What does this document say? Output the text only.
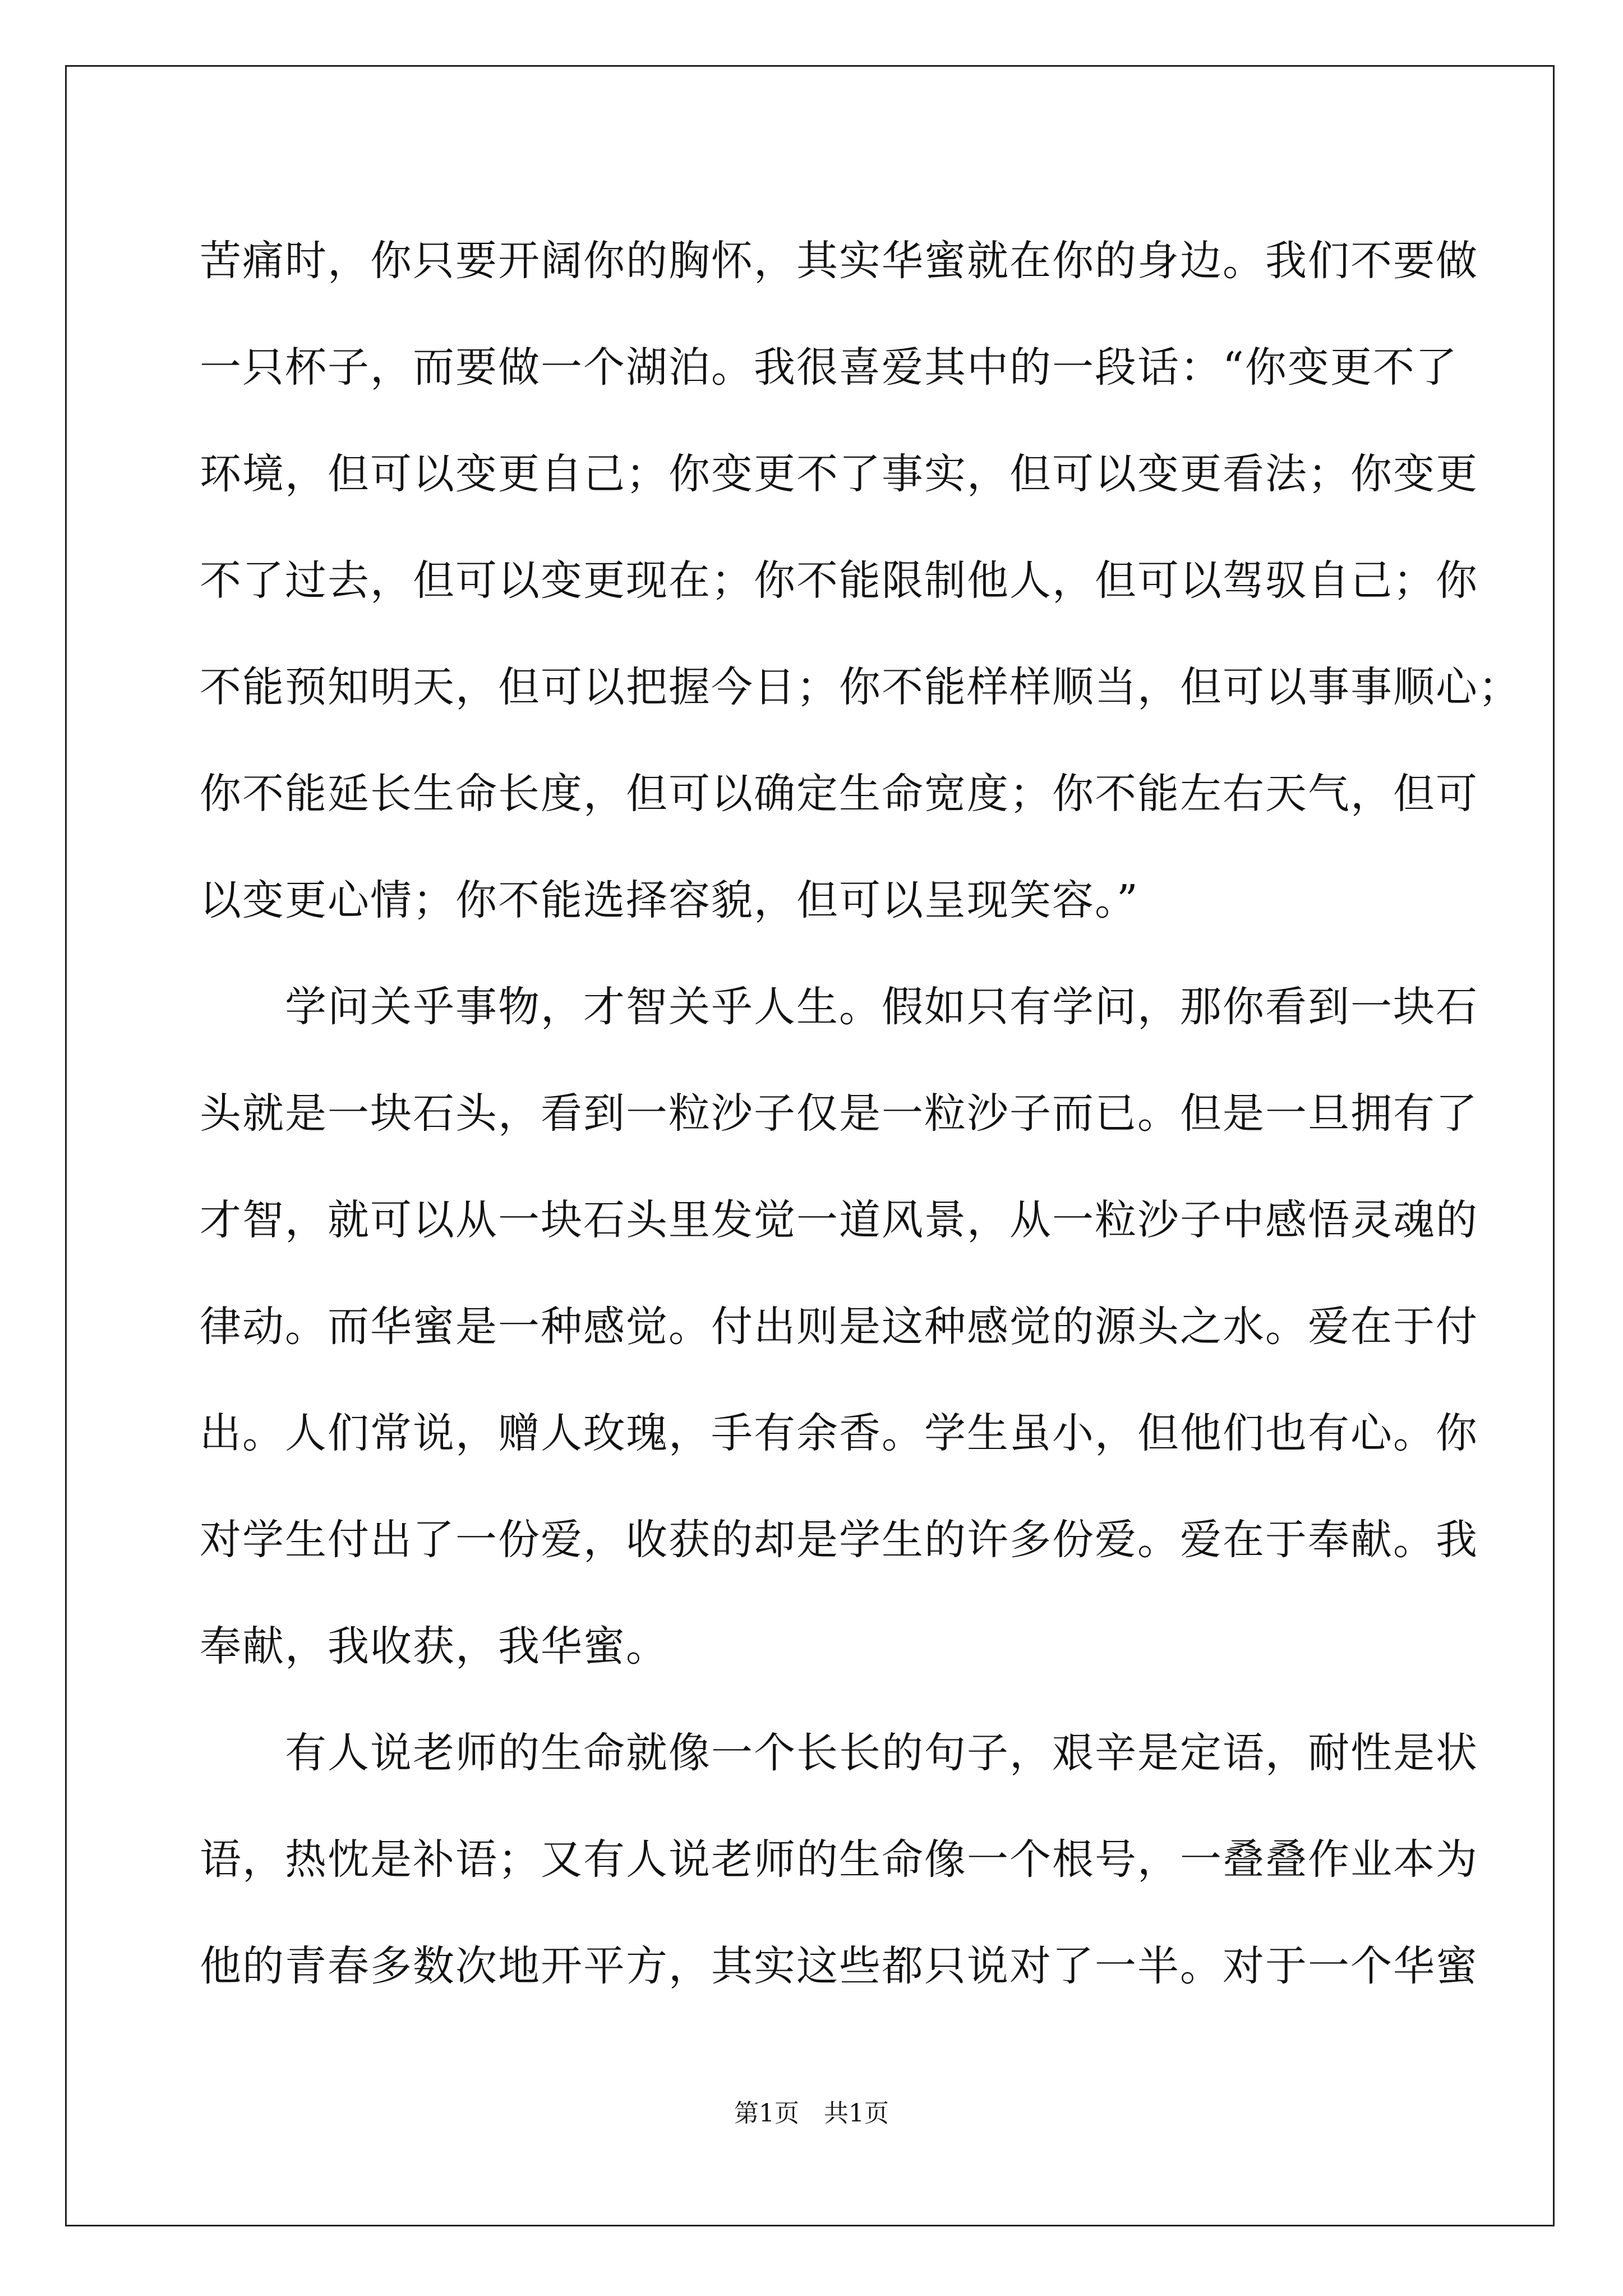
苦痛时，你只要开阔你的胸怀，其实华蜜就在你的身边。我们不要做
一只杯子，而要做一个湖泊。我很喜爱其中的一段话：“你变更不了
环境，但可以变更自己；你变更不了事实，但可以变更看法；你变更
不了过去，但可以变更现在；你不能限制他人，但可以驾驭自己；你
不能预知明天，但可以把握今日；你不能样样顺当，但可以事事顺心；
你不能延长生命长度，但可以确定生命宽度；你不能左右天气，但可
以变更心情；你不能选择容貌，但可以呈现笑容。”
　　学问关乎事物，才智关乎人生。假如只有学问，那你看到一块石
头就是一块石头，看到一粒沙子仅是一粒沙子而已。但是一旦拥有了
才智，就可以从一块石头里发觉一道风景，从一粒沙子中感悟灵魂的
律动。而华蜜是一种感觉。付出则是这种感觉的源头之水。爱在于付
出。人们常说，赠人玫瑰，手有余香。学生虽小，但他们也有心。你
对学生付出了一份爱，收获的却是学生的许多份爱。爱在于奉献。我
奉献，我收获，我华蜜。
　　有人说老师的生命就像一个长长的句子，艰辛是定语，耐性是状
语，热忱是补语；又有人说老师的生命像一个根号，一叠叠作业本为
他的青春多数次地开平方，其实这些都只说对了一半。对于一个华蜜
第1页　共1页
